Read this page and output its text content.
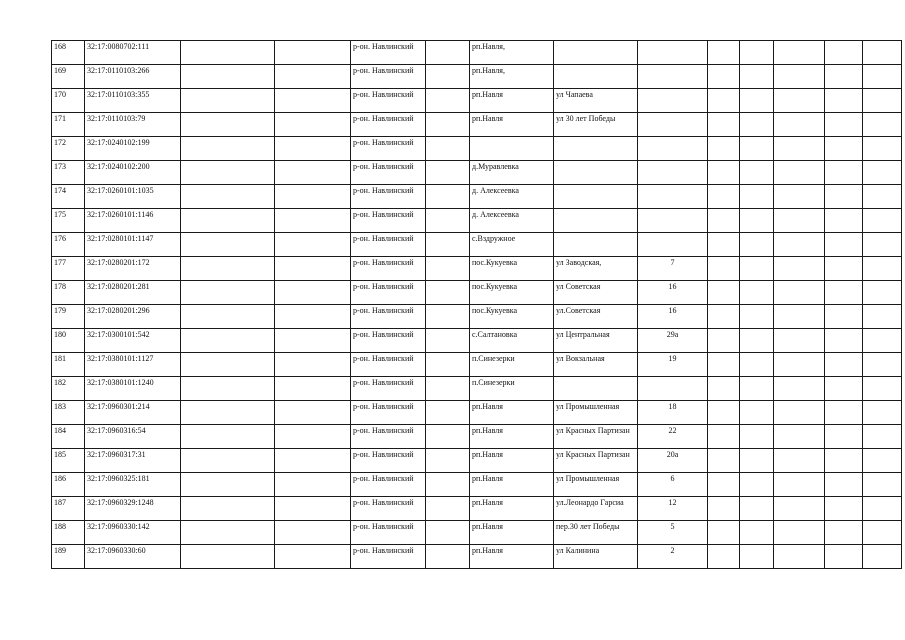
168	32:17:0080702:111			р-он. Навлинский		рп.Навля,							
169	32:17:0110103:266			р-он. Навлинский		рп.Навля,							
170	32:17:0110103:355			р-он. Навлинский		рп.Навля	ул Чапаева						
171	32:17:0110103:79			р-он. Навлинский		рп.Навля	ул 30 лет Победы						
172	32:17:0240102:199			р-он. Навлинский									
173	32:17:0240102:200			р-он. Навлинский		д.Муравлевка							
174	32:17:0260101:1035			р-он. Навлинский		д. Алексеевка							
175	32:17:0260101:1146			р-он. Навлинский		д. Алексеевка							
176	32:17:0280101:1147			р-он. Навлинский		с.Вздружное							
177	32:17:0280201:172			р-он. Навлинский		пос.Кукуевка	ул Заводская,	7					
178	32:17:0280201:281			р-он. Навлинский		пос.Кукуевка	ул Советская	16					
179	32:17:0280201:296			р-он. Навлинский		пос.Кукуевка	ул.Советская	16					
180	32:17:0300101:542			р-он. Навлинский		с.Салтановка	ул Центральная	29а					
181	32:17:0380101:1127			р-он. Навлинский		п.Синезерки	ул Вокзальная	19					
182	32:17:0380101:1240			р-он. Навлинский		п.Синезерки							
183	32:17:0960301:214			р-он. Навлинский		рп.Навля	ул Промышленная	18					
184	32:17:0960316:54			р-он. Навлинский		рп.Навля	ул Красных Партизан	22					
185	32:17:0960317:31			р-он. Навлинский		рп.Навля	ул Красных Партизан	20а					
186	32:17:0960325:181			р-он. Навлинский		рп.Навля	ул Промышленная	6					
187	32:17:0960329:1248			р-он. Навлинский		рп.Навля	ул.Леонардо Гарсиа	12					
188	32:17:0960330:142			р-он. Навлинский		рп.Навля	пер.30 лет Победы	5					
189	32:17:0960330:60			р-он. Навлинский		рп.Навля	ул Калинина	2					
